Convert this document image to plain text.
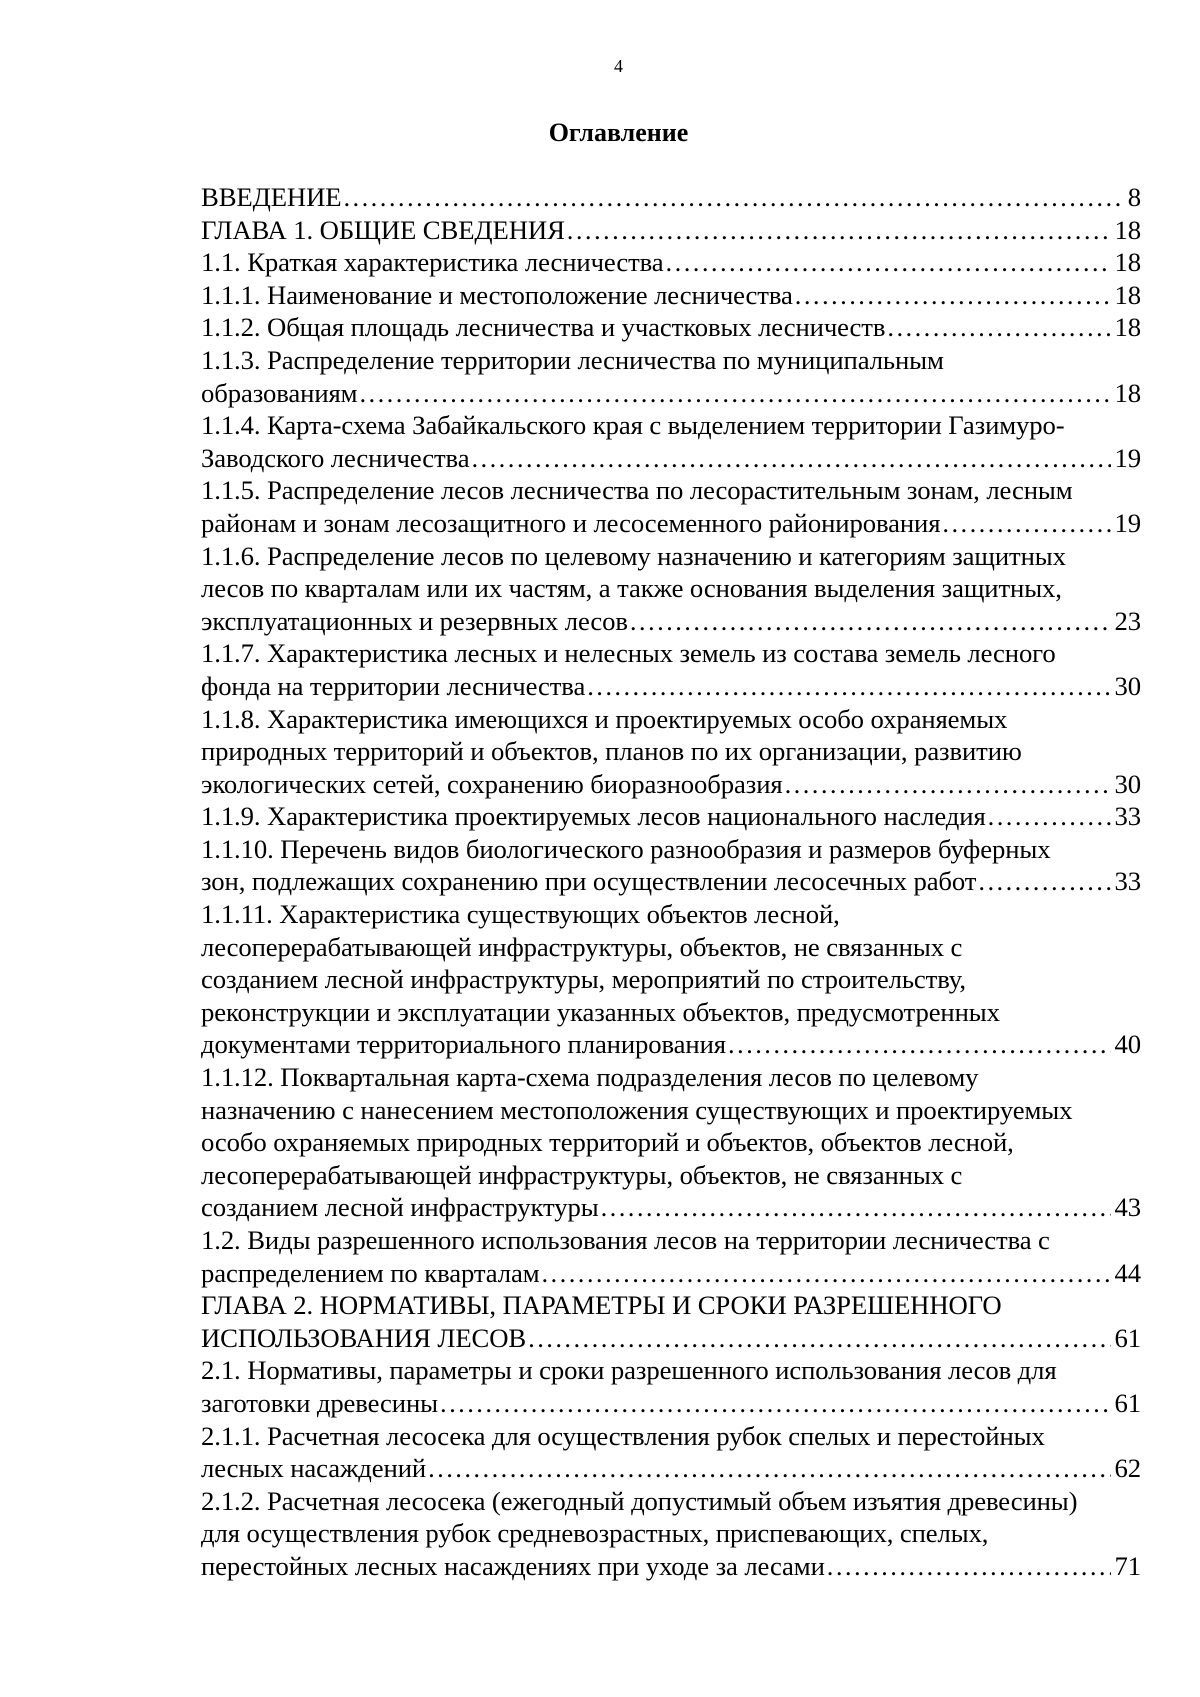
4
Оглавление
ВВЕДЕНИЕ .....	8
ГЛАВА 1. ОБЩИЕ СВЕДЕНИЯ .....	18
1.1. Краткая характеристика лесничества .....	18
1.1.1. Наименование и местоположение лесничества .....	18
1.1.2. Общая площадь лесничества и участковых лесничеств .....	18
1.1.3. Распределение территории лесничества по муниципальным
образованиям .....	18
1.1.4. Карта-схема Забайкальского края с выделением территории Газимуро-
Заводского лесничества .....	19
1.1.5. Распределение лесов лесничества по лесорастительным зонам, лесным
районам и зонам лесозащитного и лесосеменного районирования .....	19
1.1.6. Распределение лесов по целевому назначению и категориям защитных
лесов по кварталам или их частям, а также основания выделения защитных,
эксплуатационных и резервных лесов .....	23
1.1.7. Характеристика лесных и нелесных земель из состава земель лесного
фонда на территории лесничества .....	30
1.1.8. Характеристика имеющихся и проектируемых особо охраняемых
природных территорий и объектов, планов по их организации, развитию
экологических сетей, сохранению биоразнообразия .....	30
1.1.9. Характеристика проектируемых лесов национального наследия .....	33
1.1.10. Перечень видов биологического разнообразия и размеров буферных
зон, подлежащих сохранению при осуществлении лесосечных работ .....	33
1.1.11. Характеристика существующих объектов лесной,
лесоперерабатывающей инфраструктуры, объектов, не связанных с
созданием лесной инфраструктуры, мероприятий по строительству,
реконструкции и эксплуатации указанных объектов, предусмотренных
документами территориального планирования .....	40
1.1.12. Поквартальная карта-схема подразделения лесов по целевому
назначению с нанесением местоположения существующих и проектируемых
особо охраняемых природных территорий и объектов, объектов лесной,
лесоперерабатывающей инфраструктуры, объектов, не связанных с
созданием лесной инфраструктуры .....	43
1.2. Виды разрешенного использования лесов на территории лесничества с
распределением по кварталам .....	44
ГЛАВА 2. НОРМАТИВЫ, ПАРАМЕТРЫ И СРОКИ РАЗРЕШЕННОГО
ИСПОЛЬЗОВАНИЯ ЛЕСОВ .....	61
2.1. Нормативы, параметры и сроки разрешенного использования лесов для
заготовки древесины .....	61
2.1.1. Расчетная лесосека для осуществления рубок спелых и перестойных
лесных насаждений .....	62
2.1.2. Расчетная лесосека (ежегодный допустимый объем изъятия древесины)
для осуществления рубок средневозрастных, приспевающих, спелых,
перестойных лесных насаждениях при уходе за лесами .....	71
